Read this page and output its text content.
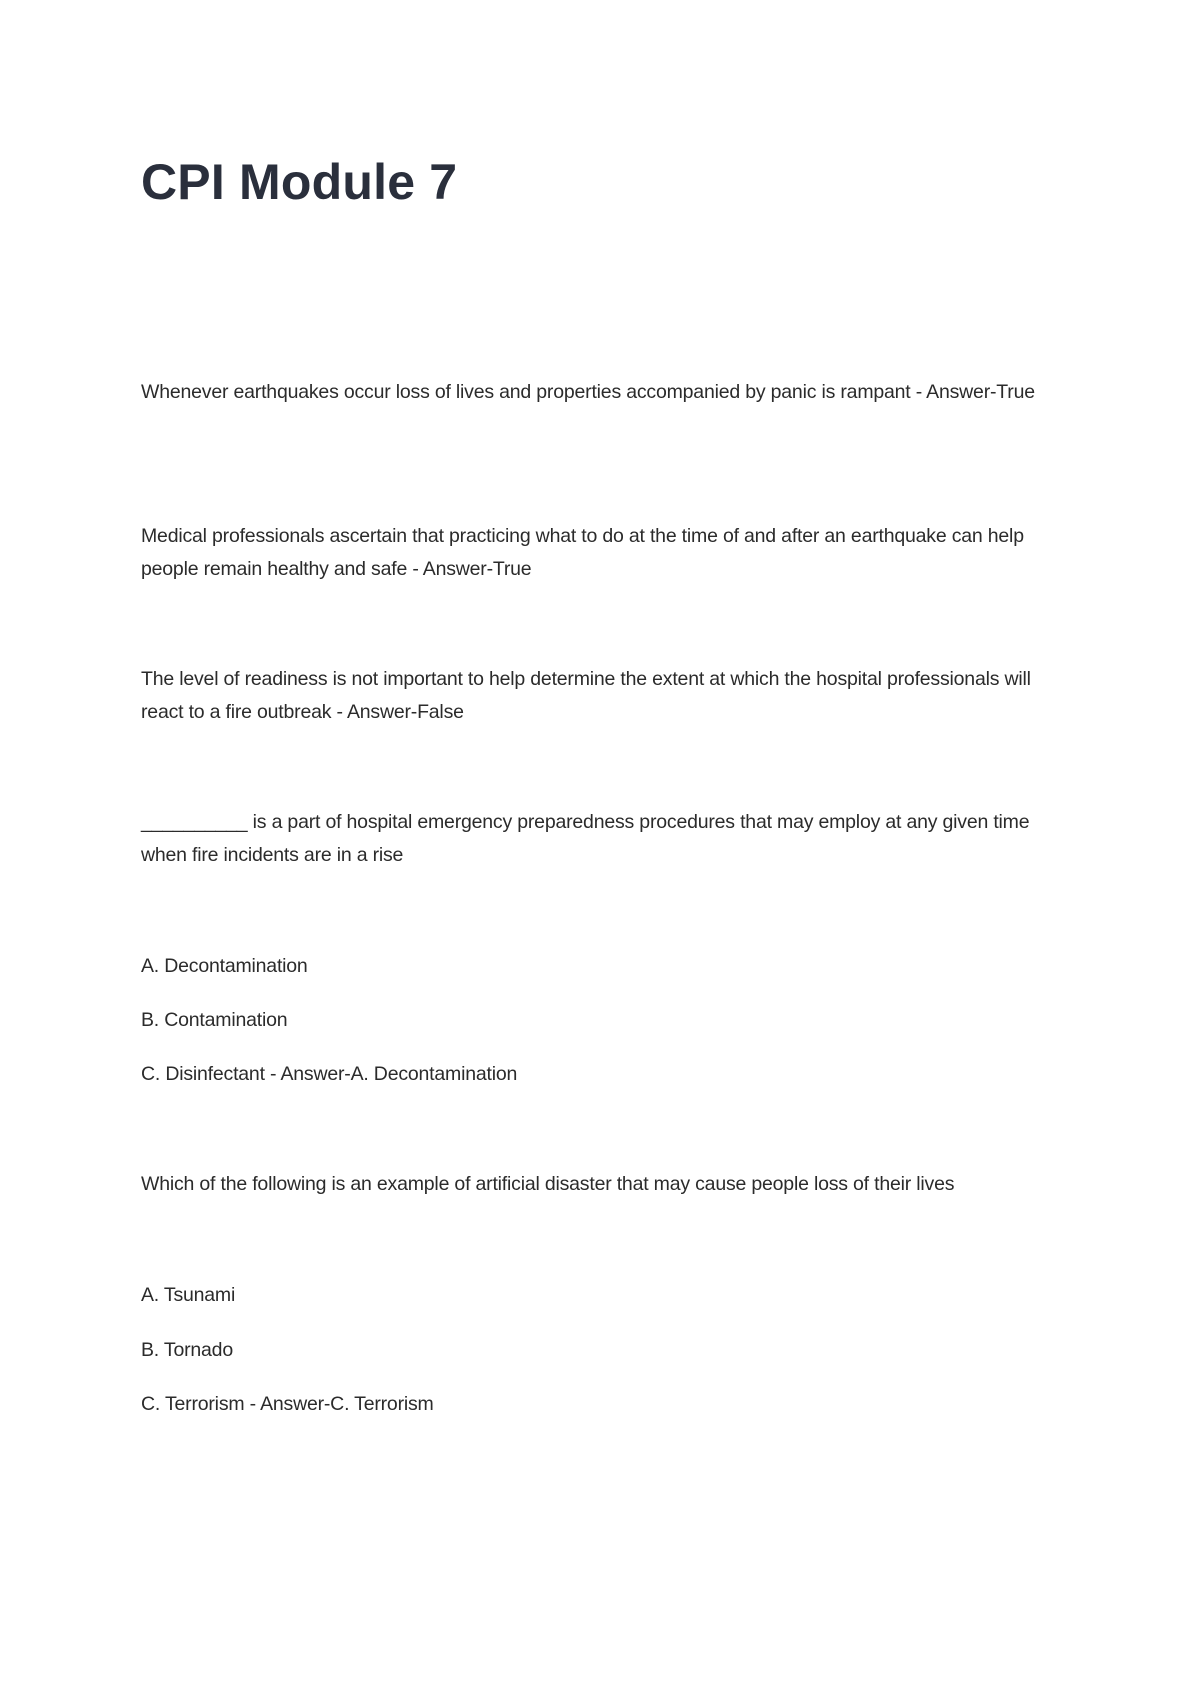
CPI Module 7

Whenever earthquakes occur loss of lives and properties accompanied by panic is rampant - Answer-True

Medical professionals ascertain that practicing what to do at the time of and after an earthquake can help people remain healthy and safe - Answer-True

The level of readiness is not important to help determine the extent at which the hospital professionals will react to a fire outbreak - Answer-False

__________ is a part of hospital emergency preparedness procedures that may employ at any given time when fire incidents are in a rise

A. Decontamination

B. Contamination

C. Disinfectant - Answer-A. Decontamination

Which of the following is an example of artificial disaster that may cause people loss of their lives

A. Tsunami

B. Tornado

C. Terrorism - Answer-C. Terrorism
